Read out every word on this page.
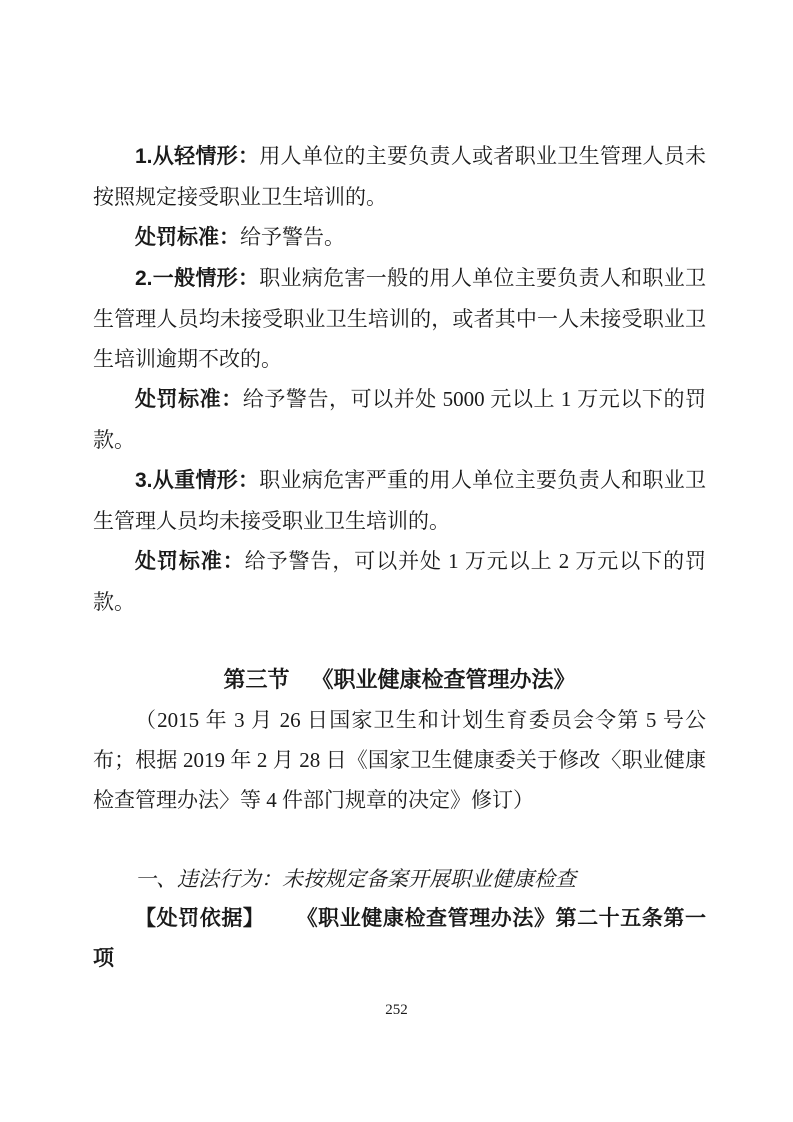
1.从轻情形：用人单位的主要负责人或者职业卫生管理人员未按照规定接受职业卫生培训的。

处罚标准：给予警告。

2.一般情形：职业病危害一般的用人单位主要负责人和职业卫生管理人员均未接受职业卫生培训的，或者其中一人未接受职业卫生培训逾期不改的。

处罚标准：给予警告，可以并处 5000 元以上 1 万元以下的罚款。

3.从重情形：职业病危害严重的用人单位主要负责人和职业卫生管理人员均未接受职业卫生培训的。

处罚标准：给予警告，可以并处 1 万元以上 2 万元以下的罚款。

第三节 《职业健康检查管理办法》

（2015 年 3 月 26 日国家卫生和计划生育委员会令第 5 号公布；根据 2019 年 2 月 28 日《国家卫生健康委关于修改〈职业健康检查管理办法〉等 4 件部门规章的决定》修订）

一、违法行为：未按规定备案开展职业健康检查

【处罚依据】 《职业健康检查管理办法》第二十五条第一项

252
